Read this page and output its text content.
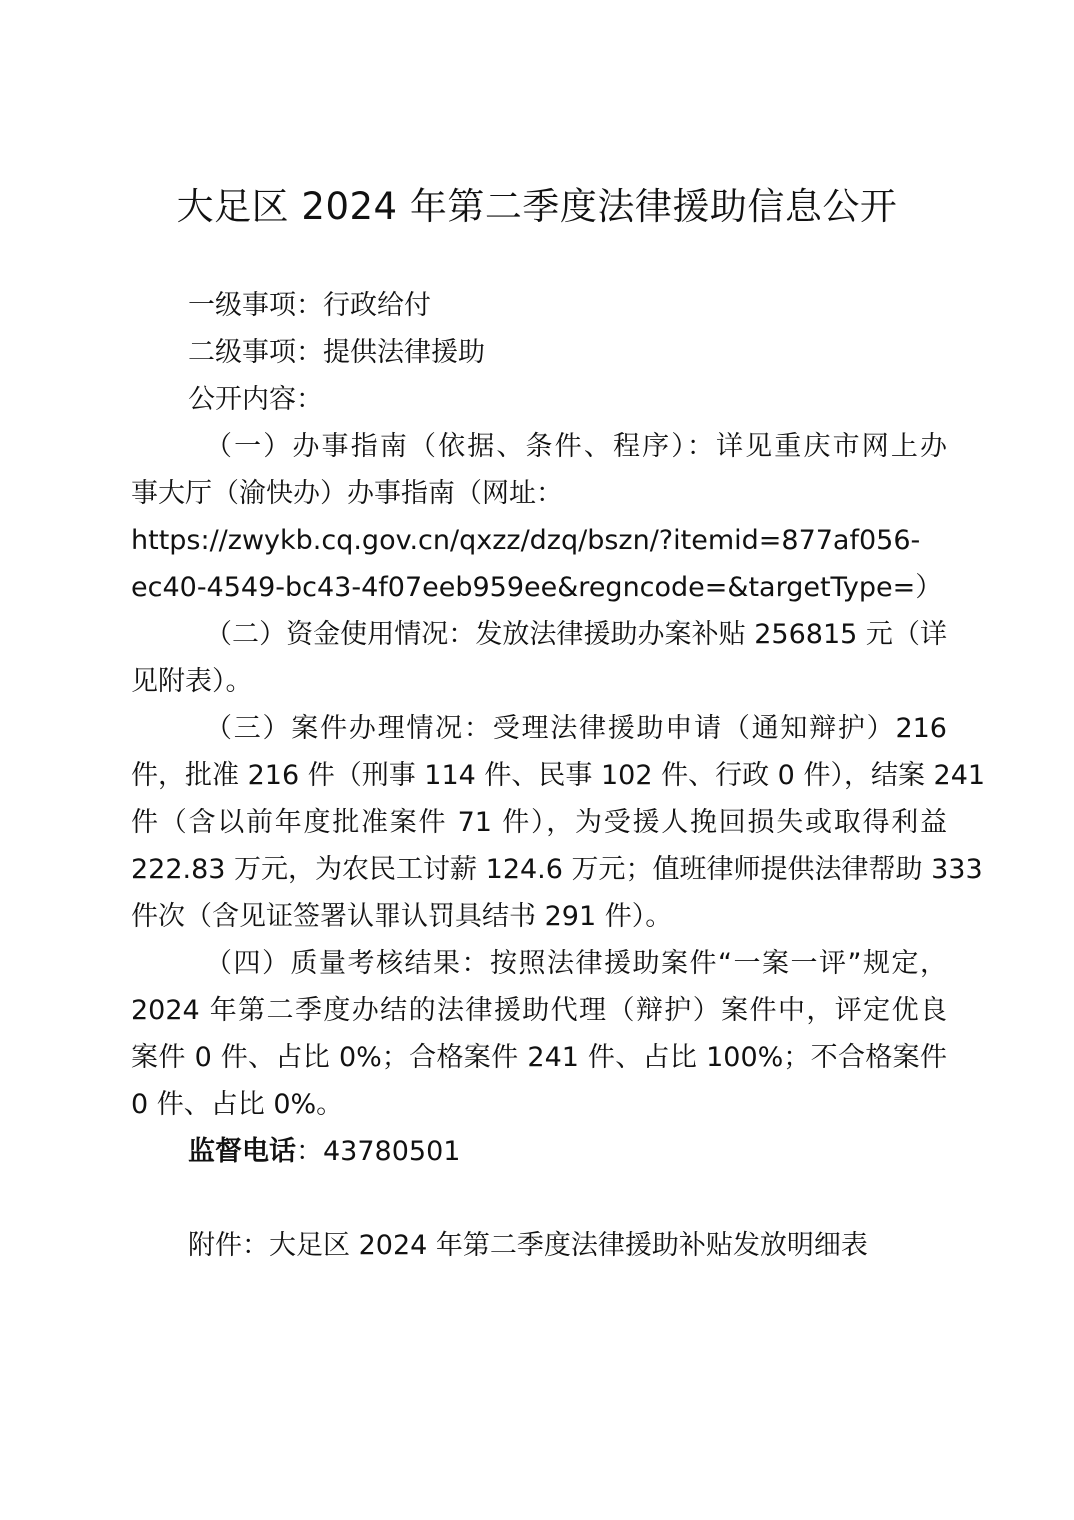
大足区 2024 年第二季度法律援助信息公开
一级事项：行政给付
二级事项：提供法律援助
公开内容：
（一）办事指南（依据、条件、程序）：详见重庆市网上办
事大厅（渝快办）办事指南（网址：
https://zwykb.cq.gov.cn/qxzz/dzq/bszn/?itemid=877af056-
ec40-4549-bc43-4f07eeb959ee&regncode=&targetType=）
（二）资金使用情况：发放法律援助办案补贴 256815 元（详
见附表）。
（三）案件办理情况：受理法律援助申请（通知辩护）216
件，批准 216 件（刑事 114 件、民事 102 件、行政 0 件），结案 241
件（含以前年度批准案件 71 件），为受援人挽回损失或取得利益
222.83 万元，为农民工讨薪 124.6 万元；值班律师提供法律帮助 333
件次（含见证签署认罪认罚具结书 291 件）。
（四）质量考核结果：按照法律援助案件“一案一评”规定，
2024 年第二季度办结的法律援助代理（辩护）案件中，评定优良
案件 0 件、占比 0%；合格案件 241 件、占比 100%；不合格案件
0 件、占比 0%。
监督电话：43780501
附件：大足区 2024 年第二季度法律援助补贴发放明细表
